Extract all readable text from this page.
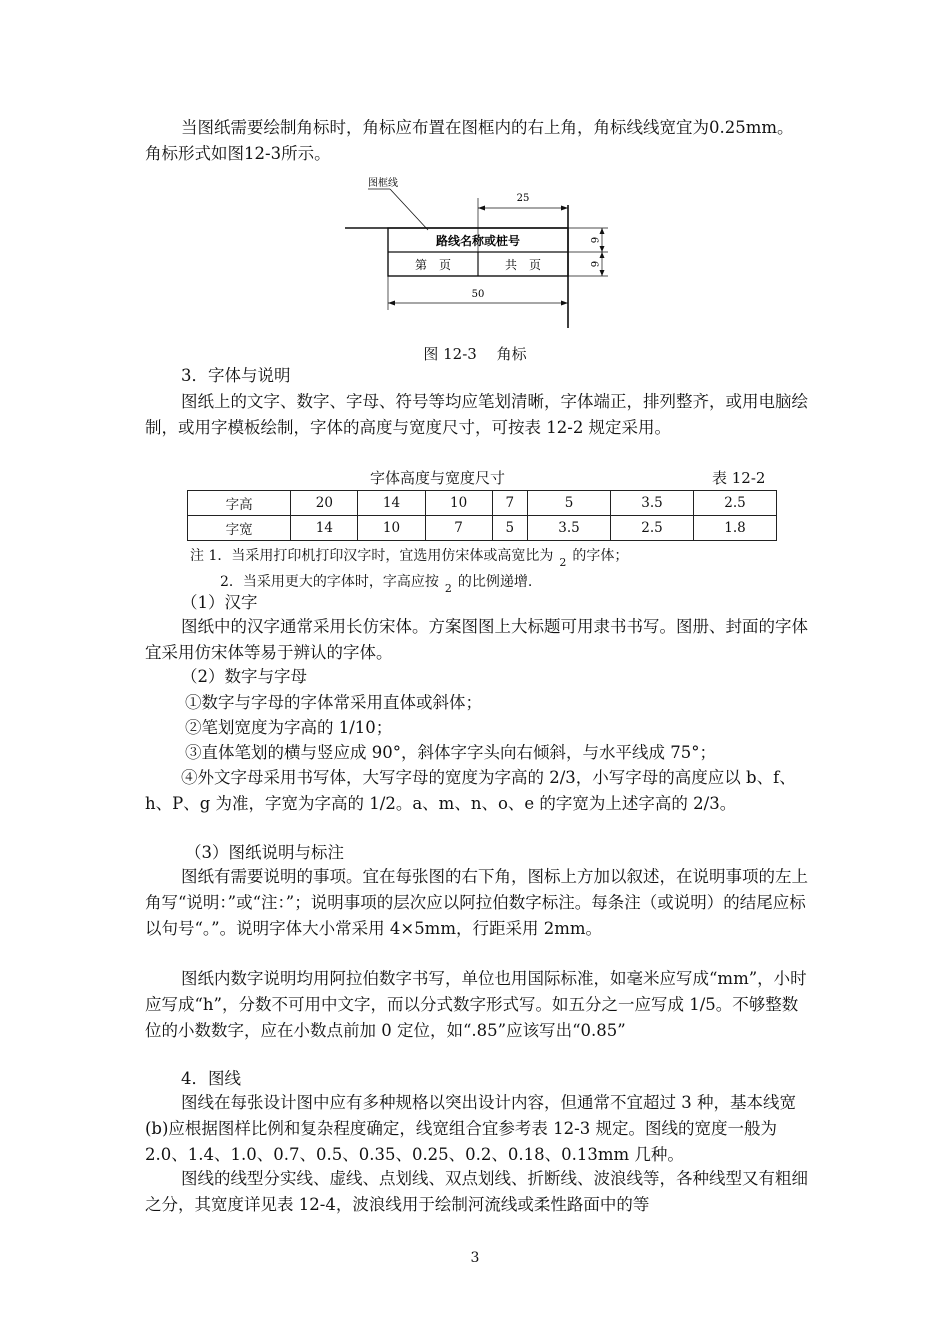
当图纸需要绘制角标时，角标应布置在图框内的右上角，角标线线宽宜为0.25mm。角标形式如图12-3所示。

图框线
路线名称或桩号
第　页	共　页
25
50
6
6
图 12-3　 角标

3．字体与说明

图纸上的文字、数字、字母、符号等均应笔划清晰，字体端正，排列整齐，或用电脑绘制，或用字模板绘制，字体的高度与宽度尺寸，可按表 12-2 规定采用。

字体高度与宽度尺寸	表 12-2
字高	20	14	10	7	5	3.5	2.5
字宽	14	10	7	5	3.5	2.5	1.8
注 1．当采用打印机打印汉字时，宜选用仿宋体或高宽比为 $_2$ 的字体；
2．当采用更大的字体时，字高应按 $_2$ 的比例递增.

（1）汉字

图纸中的汉字通常采用长仿宋体。方案图图上大标题可用隶书书写。图册、封面的字体宜采用仿宋体等易于辨认的字体。

（2）数字与字母

①数字与字母的字体常采用直体或斜体；

②笔划宽度为字高的 1/10；

③直体笔划的横与竖应成 90°，斜体字字头向右倾斜，与水平线成 75°；

④外文字母采用书写体，大写字母的宽度为字高的 2/3，小写字母的高度应以 b、f、h、P、g 为准，字宽为字高的 1/2。a、m、n、o、e 的字宽为上述字高的 2/3。

（3）图纸说明与标注

图纸有需要说明的事项。宜在每张图的右下角，图标上方加以叙述，在说明事项的左上角写“说明：”或“注：”；说明事项的层次应以阿拉伯数字标注。每条注（或说明）的结尾应标以句号“。”。说明字体大小常采用 4×5mm，行距采用 2mm。

图纸内数字说明均用阿拉伯数字书写，单位也用国际标准，如毫米应写成“mm”，小时应写成“h”，分数不可用中文字，而以分式数字形式写。如五分之一应写成 1/5。不够整数位的小数数字，应在小数点前加 0 定位，如“.85”应该写出“0.85”

4．图线

图线在每张设计图中应有多种规格以突出设计内容，但通常不宜超过 3 种，基本线宽(b)应根据图样比例和复杂程度确定，线宽组合宜参考表 12-3 规定。图线的宽度一般为 2.0、1.4、1.0、0.7、0.5、0.35、0.25、0.2、0.18、0.13mm 几种。

图线的线型分实线、虚线、点划线、双点划线、折断线、波浪线等，各种线型又有粗细之分，其宽度详见表 12-4，波浪线用于绘制河流线或柔性路面中的等

3
